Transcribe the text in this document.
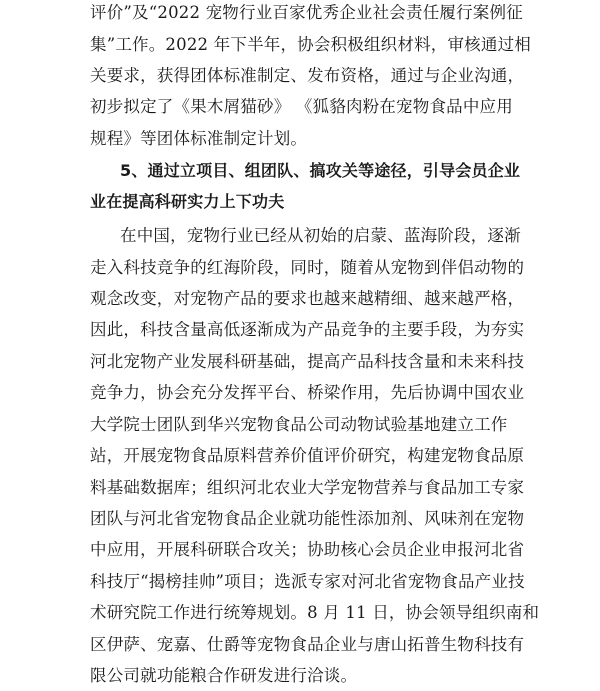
评价”及“2022 宠物行业百家优秀企业社会责任履行案例征
集”工作。2022 年下半年，协会积极组织材料，审核通过相
关要求，获得团体标准制定、发布资格，通过与企业沟通，
初步拟定了《果木屑猫砂》 《狐貉肉粉在宠物食品中应用
规程》等团体标准制定计划。
5、通过立项目、组团队、搞攻关等途径，引导会员企业
业在提高科研实力上下功夫
在中国，宠物行业已经从初始的启蒙、蓝海阶段，逐渐
走入科技竞争的红海阶段，同时，随着从宠物到伴侣动物的
观念改变，对宠物产品的要求也越来越精细、越来越严格，
因此，科技含量高低逐渐成为产品竞争的主要手段，为夯实
河北宠物产业发展科研基础，提高产品科技含量和未来科技
竞争力，协会充分发挥平台、桥梁作用，先后协调中国农业
大学院士团队到华兴宠物食品公司动物试验基地建立工作
站，开展宠物食品原料营养价值评价研究，构建宠物食品原
料基础数据库；组织河北农业大学宠物营养与食品加工专家
团队与河北省宠物食品企业就功能性添加剂、风味剂在宠物
中应用，开展科研联合攻关；协助核心会员企业申报河北省
科技厅“揭榜挂帅”项目；选派专家对河北省宠物食品产业技
术研究院工作进行统筹规划。8 月 11 日，协会领导组织南和
区伊萨、宠嘉、仕爵等宠物食品企业与唐山拓普生物科技有
限公司就功能粮合作研发进行洽谈。
